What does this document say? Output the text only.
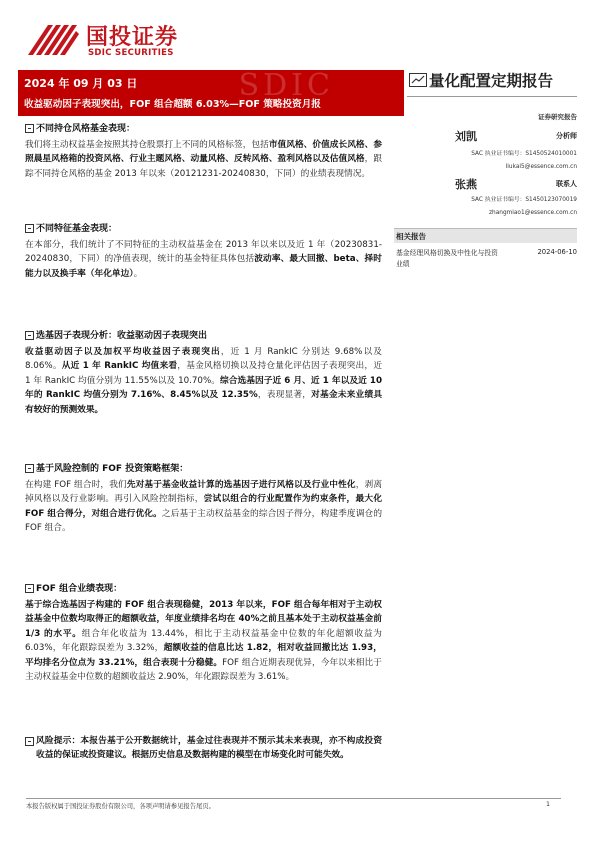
国投证券
SDIC SECURITIES
SDIC
2024 年 09 月 03 日
收益驱动因子表现突出，FOF 组合超额 6.03%—FOF 策略投资月报
量化配置定期报告
证券研究报告
刘凯	分析师
SAC 执业证书编号：S1450524010001
liukai5@essence.com.cn
张燕	联系人
SAC 执业证书编号：S1450123070019
zhangmiao1@essence.com.cn
相关报告
基金经理风格切换及中性化与投资业绩
2024-06-10
不同持仓风格基金表现：
我们将主动权益基金按照其持仓股票打上不同的风格标签，包括市值风格、价值成长风格、参照晨星风格箱的投资风格、行业主题风格、动量风格、反转风格、盈利风格以及估值风格，跟踪不同持仓风格的基金 2013 年以来（20121231-20240830，下同）的业绩表现情况。
不同特征基金表现：
在本部分，我们统计了不同特征的主动权益基金在 2013 年以来以及近 1 年（20230831-20240830，下同）的净值表现，统计的基金特征具体包括波动率、最大回撤、beta、择时能力以及换手率（年化单边）。
选基因子表现分析：收益驱动因子表现突出
收益驱动因子以及加权平均收益因子表现突出，近 1 月 RankIC 分别达 9.68%以及 8.06%。从近 1 年 RankIC 均值来看，基金风格切换以及持仓量化评估因子表现突出，近 1 年 RankIC 均值分别为 11.55%以及 10.70%。综合选基因子近 6 月、近 1 年以及近 10 年的 RankIC 均值分别为 7.16%、8.45%以及 12.35%，表现显著，对基金未来业绩具有较好的预测效果。
基于风险控制的 FOF 投资策略框架：
在构建 FOF 组合时，我们先对基于基金收益计算的选基因子进行风格以及行业中性化，剥离掉风格以及行业影响。再引入风险控制指标，尝试以组合的行业配置作为约束条件，最大化 FOF 组合得分，对组合进行优化。之后基于主动权益基金的综合因子得分，构建季度调仓的 FOF 组合。
FOF 组合业绩表现：
基于综合选基因子构建的 FOF 组合表现稳健，2013 年以来，FOF 组合每年相对于主动权益基金中位数均取得正的超额收益，年度业绩排名均在 40%之前且基本处于主动权益基金前 1/3 的水平。组合年化收益为 13.44%，相比于主动权益基金中位数的年化超额收益为 6.03%，年化跟踪误差为 3.32%，超额收益的信息比达 1.82，相对收益回撤比达 1.93，平均排名分位点为 33.21%，组合表现十分稳健。FOF 组合近期表现优异，今年以来相比于主动权益基金中位数的超额收益达 2.90%，年化跟踪误差为 3.61%。
风险提示：本报告基于公开数据统计，基金过往表现并不预示其未来表现，亦不构成投资收益的保证或投资建议。根据历史信息及数据构建的模型在市场变化时可能失效。
本报告版权属于国投证券股份有限公司，各项声明请参见报告尾页。	1
